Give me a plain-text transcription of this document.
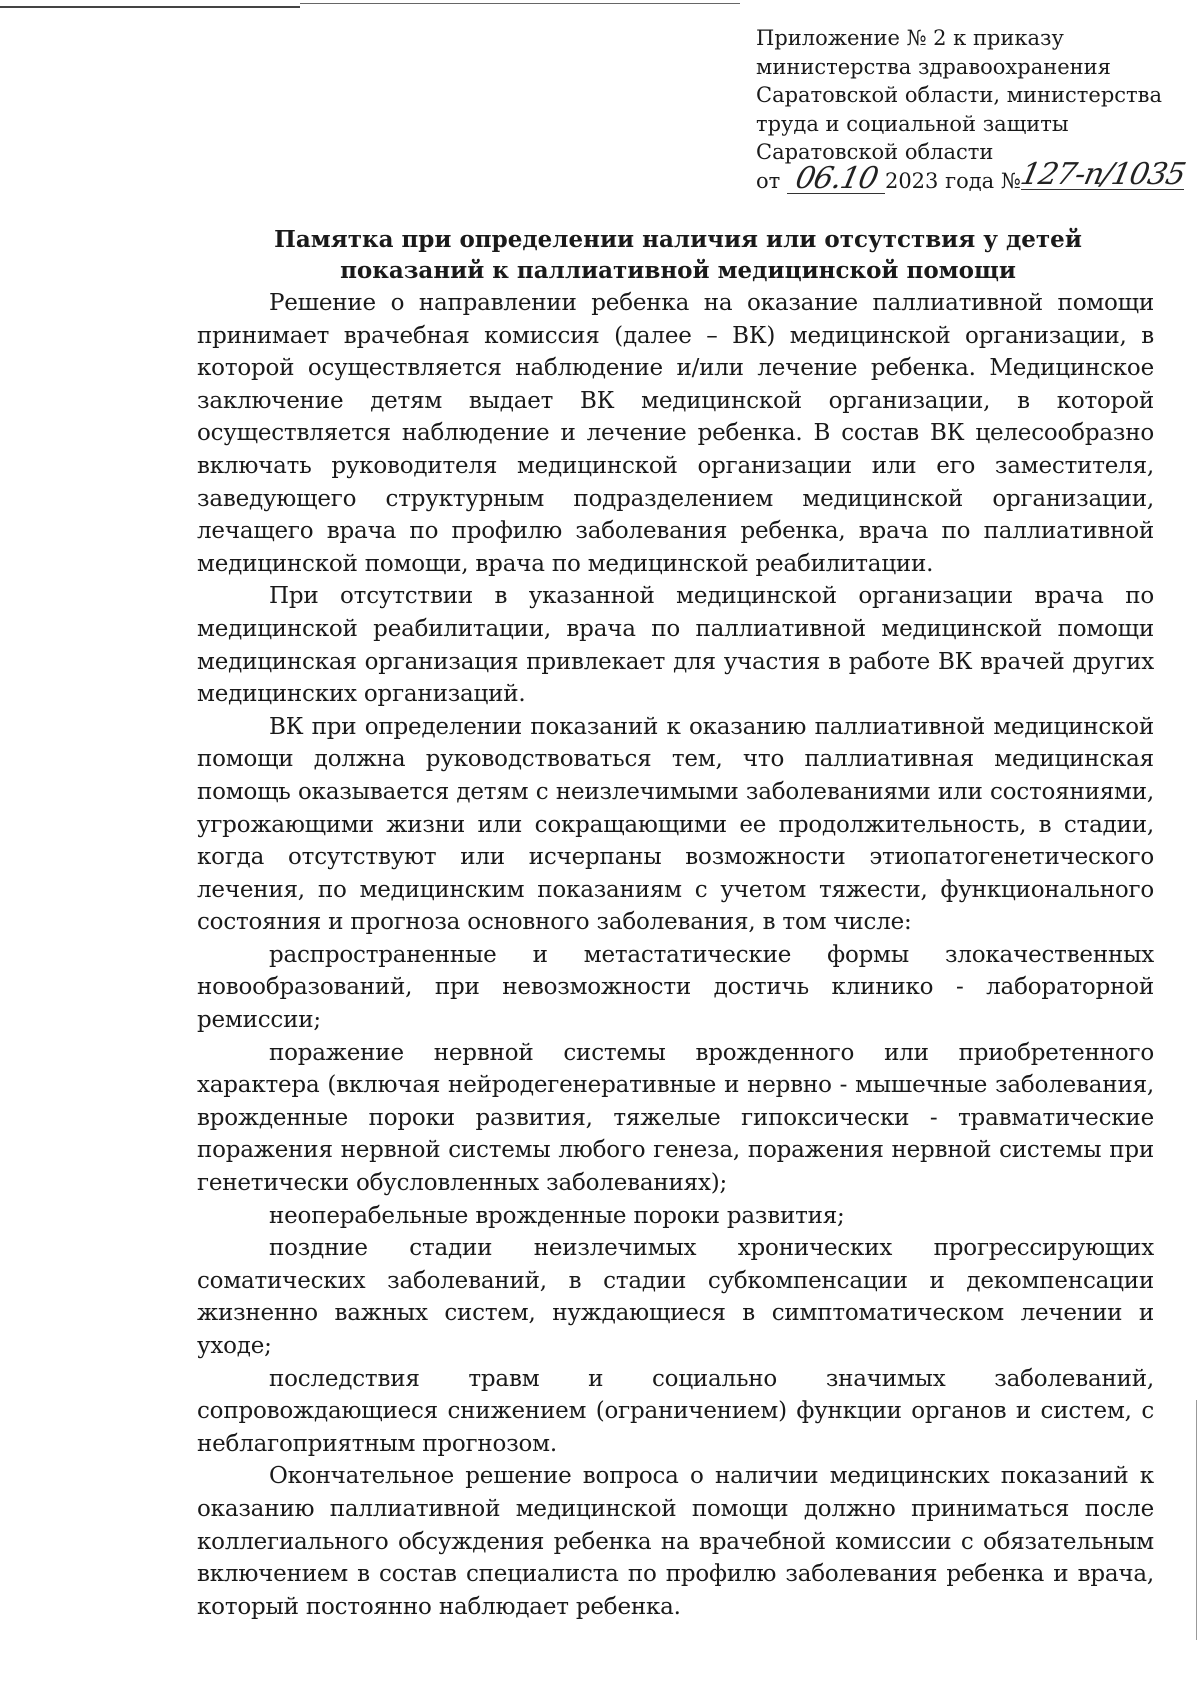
Приложение № 2 к приказу
министерства здравоохранения
Саратовской области, министерства
труда и социальной защиты
Саратовской области
от 06.10 2023 года №127-п/1035
Памятка при определении наличия или отсутствия у детей
показаний к паллиативной медицинской помощи

Решение о направлении ребенка на оказание паллиативной помощи принимает врачебная комиссия (далее – ВК) медицинской организации, в которой осуществляется наблюдение и/или лечение ребенка. Медицинское заключение детям выдает ВК медицинской организации, в которой осуществляется наблюдение и лечение ребенка. В состав ВК целесообразно включать руководителя медицинской организации или его заместителя, заведующего структурным подразделением медицинской организации, лечащего врача по профилю заболевания ребенка, врача по паллиативной медицинской помощи, врача по медицинской реабилитации.

При отсутствии в указанной медицинской организации врача по медицинской реабилитации, врача по паллиативной медицинской помощи медицинская организация привлекает для участия в работе ВК врачей других медицинских организаций.

ВК при определении показаний к оказанию паллиативной медицинской помощи должна руководствоваться тем, что паллиативная медицинская помощь оказывается детям с неизлечимыми заболеваниями или состояниями, угрожающими жизни или сокращающими ее продолжительность, в стадии, когда отсутствуют или исчерпаны возможности этиопатогенетического лечения, по медицинским показаниям с учетом тяжести, функционального состояния и прогноза основного заболевания, в том числе:

распространенные и метастатические формы злокачественных новообразований, при невозможности достичь клинико - лабораторной ремиссии;

поражение нервной системы врожденного или приобретенного характера (включая нейродегенеративные и нервно - мышечные заболевания, врожденные пороки развития, тяжелые гипоксически - травматические поражения нервной системы любого генеза, поражения нервной системы при генетически обусловленных заболеваниях);

неоперабельные врожденные пороки развития;

поздние стадии неизлечимых хронических прогрессирующих соматических заболеваний, в стадии субкомпенсации и декомпенсации жизненно важных систем, нуждающиеся в симптоматическом лечении и уходе;

последствия травм и социально значимых заболеваний, сопровождающиеся снижением (ограничением) функции органов и систем, с неблагоприятным прогнозом.

Окончательное решение вопроса о наличии медицинских показаний к оказанию паллиативной медицинской помощи должно приниматься после коллегиального обсуждения ребенка на врачебной комиссии с обязательным включением в состав специалиста по профилю заболевания ребенка и врача, который постоянно наблюдает ребенка.
